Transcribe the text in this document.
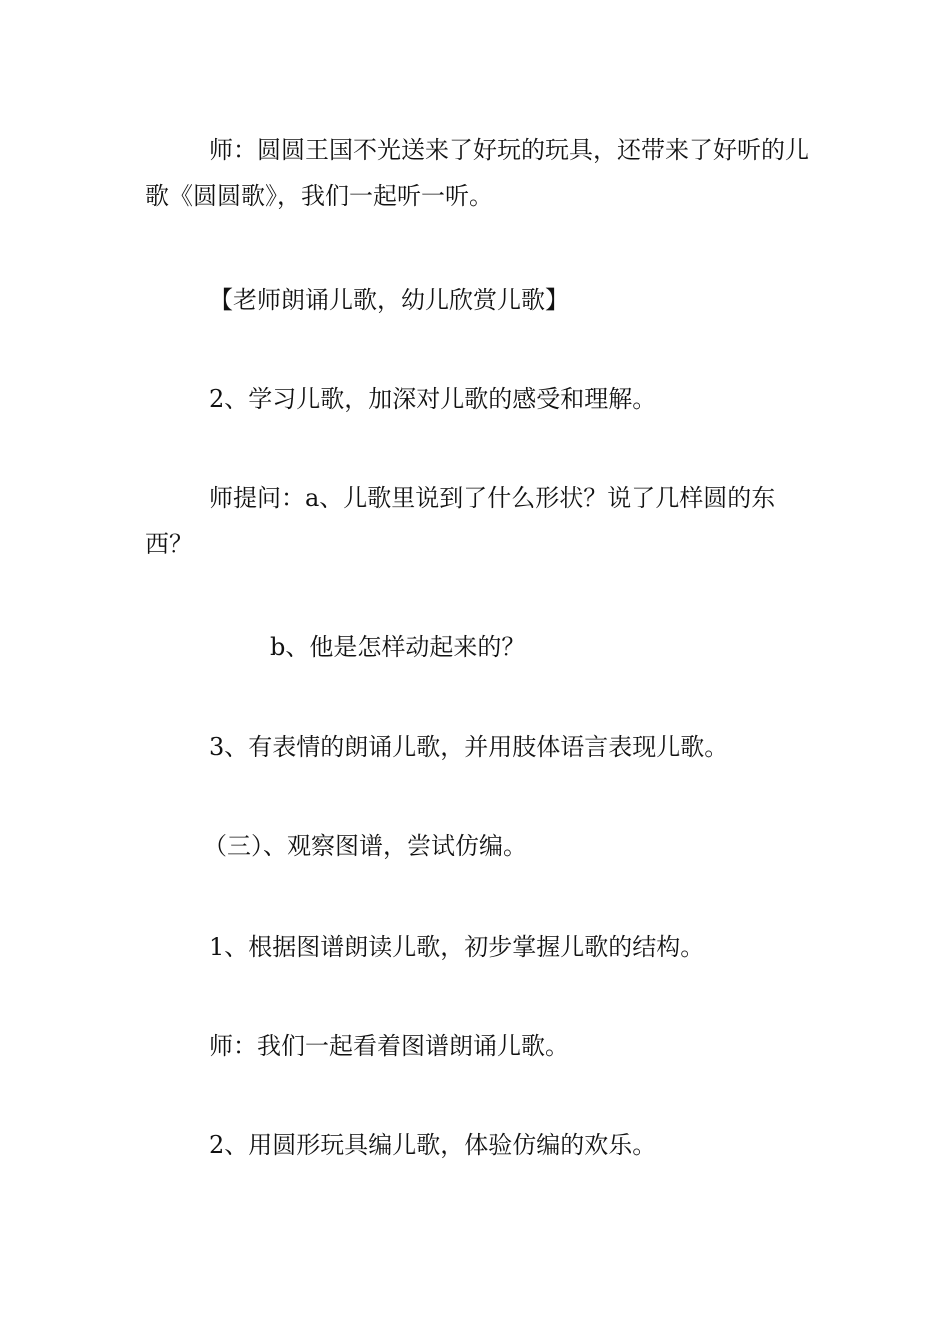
师：圆圆王国不光送来了好玩的玩具，还带来了好听的儿歌《圆圆歌》，我们一起听一听。

【老师朗诵儿歌，幼儿欣赏儿歌】

2、学习儿歌，加深对儿歌的感受和理解。

师提问：a、儿歌里说到了什么形状？说了几样圆的东西？

b、他是怎样动起来的？

3、有表情的朗诵儿歌，并用肢体语言表现儿歌。

（三）、观察图谱，尝试仿编。

1、根据图谱朗读儿歌，初步掌握儿歌的结构。

师：我们一起看着图谱朗诵儿歌。

2、用圆形玩具编儿歌，体验仿编的欢乐。
